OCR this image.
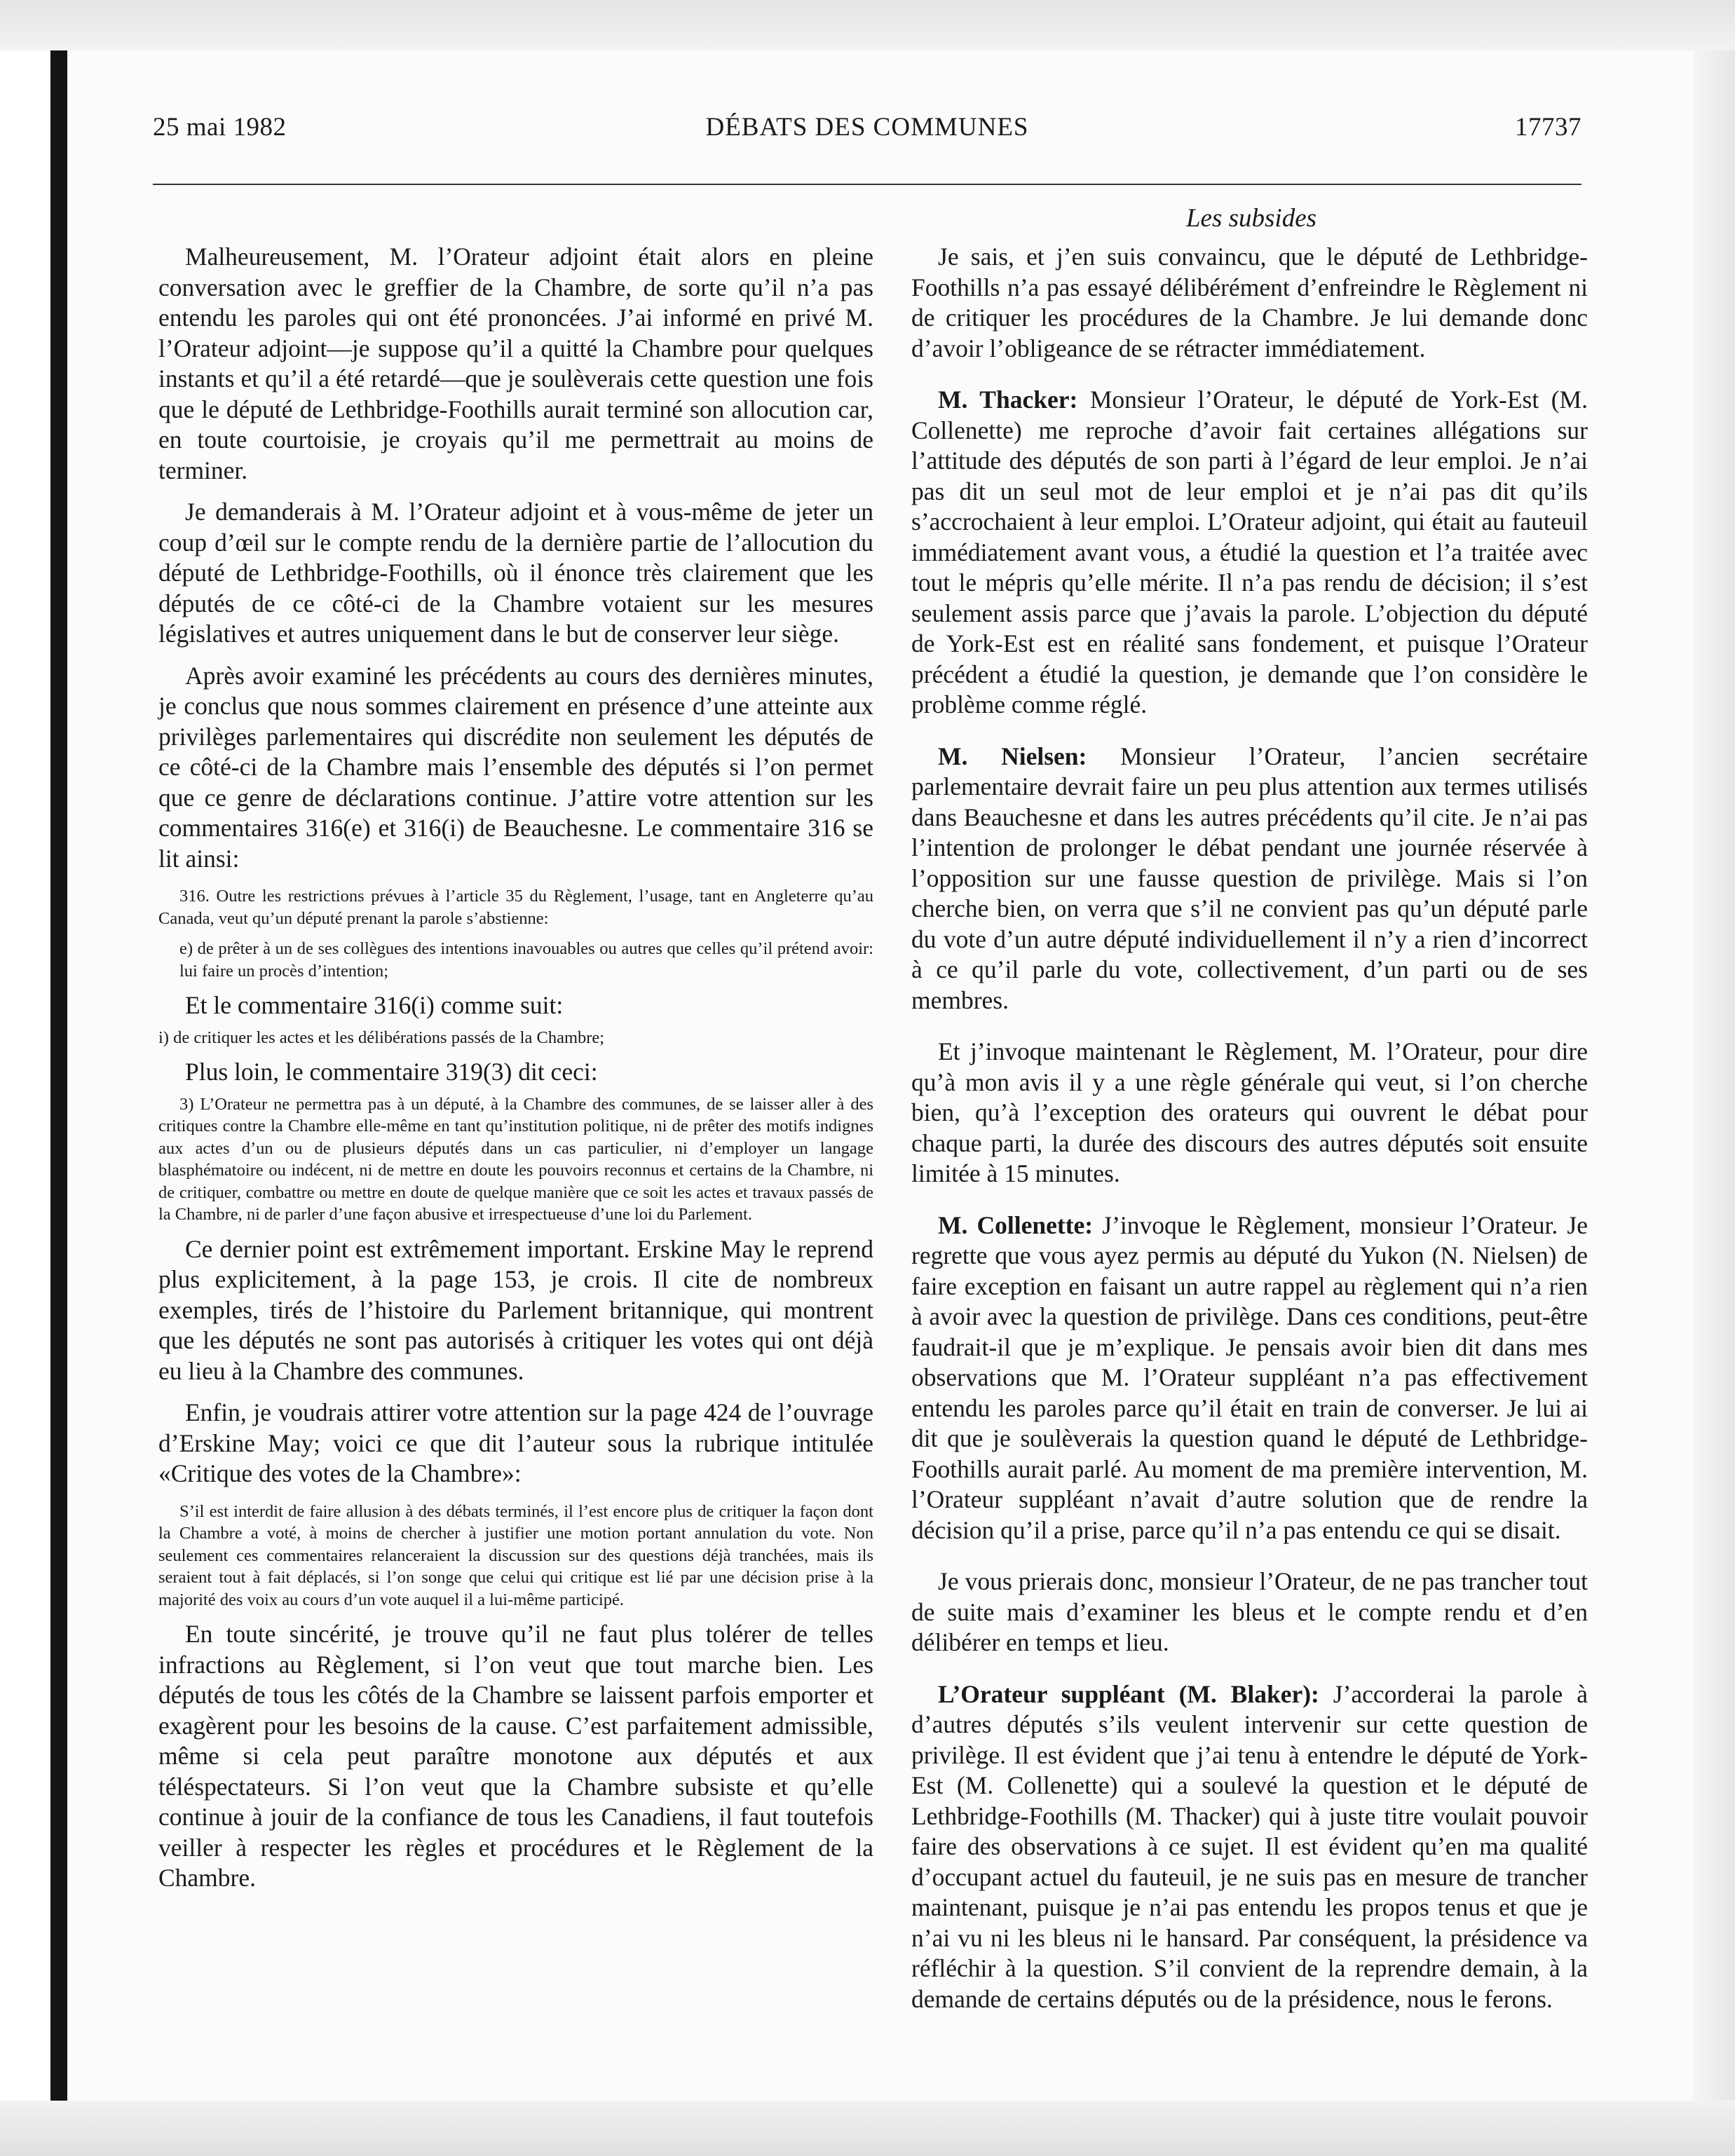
25 mai 1982	DÉBATS DES COMMUNES	17737
Les subsides

Malheureusement, M. l’Orateur adjoint était alors en pleine conversation avec le greffier de la Chambre, de sorte qu’il n’a pas entendu les paroles qui ont été prononcées. J’ai informé en privé M. l’Orateur adjoint—je suppose qu’il a quitté la Chambre pour quelques instants et qu’il a été retardé—que je soulèverais cette question une fois que le député de Lethbridge-Foothills aurait terminé son allocution car, en toute courtoisie, je croyais qu’il me permettrait au moins de terminer.

Je demanderais à M. l’Orateur adjoint et à vous-même de jeter un coup d’œil sur le compte rendu de la dernière partie de l’allocution du député de Lethbridge-Foothills, où il énonce très clairement que les députés de ce côté-ci de la Chambre votaient sur les mesures législatives et autres uniquement dans le but de conserver leur siège.

Après avoir examiné les précédents au cours des dernières minutes, je conclus que nous sommes clairement en présence d’une atteinte aux privilèges parlementaires qui discrédite non seulement les députés de ce côté-ci de la Chambre mais l’ensemble des députés si l’on permet que ce genre de déclarations continue. J’attire votre attention sur les commentaires 316(e) et 316(i) de Beauchesne. Le commentaire 316 se lit ainsi:

316. Outre les restrictions prévues à l’article 35 du Règlement, l’usage, tant en Angleterre qu’au Canada, veut qu’un député prenant la parole s’abstienne:

e) de prêter à un de ses collègues des intentions inavouables ou autres que celles qu’il prétend avoir: lui faire un procès d’intention;

Et le commentaire 316(i) comme suit:

i) de critiquer les actes et les délibérations passés de la Chambre;

Plus loin, le commentaire 319(3) dit ceci:

3) L’Orateur ne permettra pas à un député, à la Chambre des communes, de se laisser aller à des critiques contre la Chambre elle-même en tant qu’institution politique, ni de prêter des motifs indignes aux actes d’un ou de plusieurs députés dans un cas particulier, ni d’employer un langage blasphématoire ou indécent, ni de mettre en doute les pouvoirs reconnus et certains de la Chambre, ni de critiquer, combattre ou mettre en doute de quelque manière que ce soit les actes et travaux passés de la Chambre, ni de parler d’une façon abusive et irrespectueuse d’une loi du Parlement.

Ce dernier point est extrêmement important. Erskine May le reprend plus explicitement, à la page 153, je crois. Il cite de nombreux exemples, tirés de l’histoire du Parlement britannique, qui montrent que les députés ne sont pas autorisés à critiquer les votes qui ont déjà eu lieu à la Chambre des communes.

Enfin, je voudrais attirer votre attention sur la page 424 de l’ouvrage d’Erskine May; voici ce que dit l’auteur sous la rubrique intitulée «Critique des votes de la Chambre»:

S’il est interdit de faire allusion à des débats terminés, il l’est encore plus de critiquer la façon dont la Chambre a voté, à moins de chercher à justifier une motion portant annulation du vote. Non seulement ces commentaires relanceraient la discussion sur des questions déjà tranchées, mais ils seraient tout à fait déplacés, si l’on songe que celui qui critique est lié par une décision prise à la majorité des voix au cours d’un vote auquel il a lui-même participé.

En toute sincérité, je trouve qu’il ne faut plus tolérer de telles infractions au Règlement, si l’on veut que tout marche bien. Les députés de tous les côtés de la Chambre se laissent parfois emporter et exagèrent pour les besoins de la cause. C’est parfaitement admissible, même si cela peut paraître monotone aux députés et aux téléspectateurs. Si l’on veut que la Chambre subsiste et qu’elle continue à jouir de la confiance de tous les Canadiens, il faut toutefois veiller à respecter les règles et procédures et le Règlement de la Chambre.

Je sais, et j’en suis convaincu, que le député de Lethbridge-Foothills n’a pas essayé délibérément d’enfreindre le Règlement ni de critiquer les procédures de la Chambre. Je lui demande donc d’avoir l’obligeance de se rétracter immédiatement.

M. Thacker: Monsieur l’Orateur, le député de York-Est (M. Collenette) me reproche d’avoir fait certaines allégations sur l’attitude des députés de son parti à l’égard de leur emploi. Je n’ai pas dit un seul mot de leur emploi et je n’ai pas dit qu’ils s’accrochaient à leur emploi. L’Orateur adjoint, qui était au fauteuil immédiatement avant vous, a étudié la question et l’a traitée avec tout le mépris qu’elle mérite. Il n’a pas rendu de décision; il s’est seulement assis parce que j’avais la parole. L’objection du député de York-Est est en réalité sans fondement, et puisque l’Orateur précédent a étudié la question, je demande que l’on considère le problème comme réglé.

M. Nielsen: Monsieur l’Orateur, l’ancien secrétaire parlementaire devrait faire un peu plus attention aux termes utilisés dans Beauchesne et dans les autres précédents qu’il cite. Je n’ai pas l’intention de prolonger le débat pendant une journée réservée à l’opposition sur une fausse question de privilège. Mais si l’on cherche bien, on verra que s’il ne convient pas qu’un député parle du vote d’un autre député individuellement il n’y a rien d’incorrect à ce qu’il parle du vote, collectivement, d’un parti ou de ses membres.

Et j’invoque maintenant le Règlement, M. l’Orateur, pour dire qu’à mon avis il y a une règle générale qui veut, si l’on cherche bien, qu’à l’exception des orateurs qui ouvrent le débat pour chaque parti, la durée des discours des autres députés soit ensuite limitée à 15 minutes.

M. Collenette: J’invoque le Règlement, monsieur l’Orateur. Je regrette que vous ayez permis au député du Yukon (N. Nielsen) de faire exception en faisant un autre rappel au règlement qui n’a rien à avoir avec la question de privilège. Dans ces conditions, peut-être faudrait-il que je m’explique. Je pensais avoir bien dit dans mes observations que M. l’Orateur suppléant n’a pas effectivement entendu les paroles parce qu’il était en train de converser. Je lui ai dit que je soulèverais la question quand le député de Lethbridge-Foothills aurait parlé. Au moment de ma première intervention, M. l’Orateur suppléant n’avait d’autre solution que de rendre la décision qu’il a prise, parce qu’il n’a pas entendu ce qui se disait.

Je vous prierais donc, monsieur l’Orateur, de ne pas trancher tout de suite mais d’examiner les bleus et le compte rendu et d’en délibérer en temps et lieu.

L’Orateur suppléant (M. Blaker): J’accorderai la parole à d’autres députés s’ils veulent intervenir sur cette question de privilège. Il est évident que j’ai tenu à entendre le député de York-Est (M. Collenette) qui a soulevé la question et le député de Lethbridge-Foothills (M. Thacker) qui à juste titre voulait pouvoir faire des observations à ce sujet. Il est évident qu’en ma qualité d’occupant actuel du fauteuil, je ne suis pas en mesure de trancher maintenant, puisque je n’ai pas entendu les propos tenus et que je n’ai vu ni les bleus ni le hansard. Par conséquent, la présidence va réfléchir à la question. S’il convient de la reprendre demain, à la demande de certains députés ou de la présidence, nous le ferons.
